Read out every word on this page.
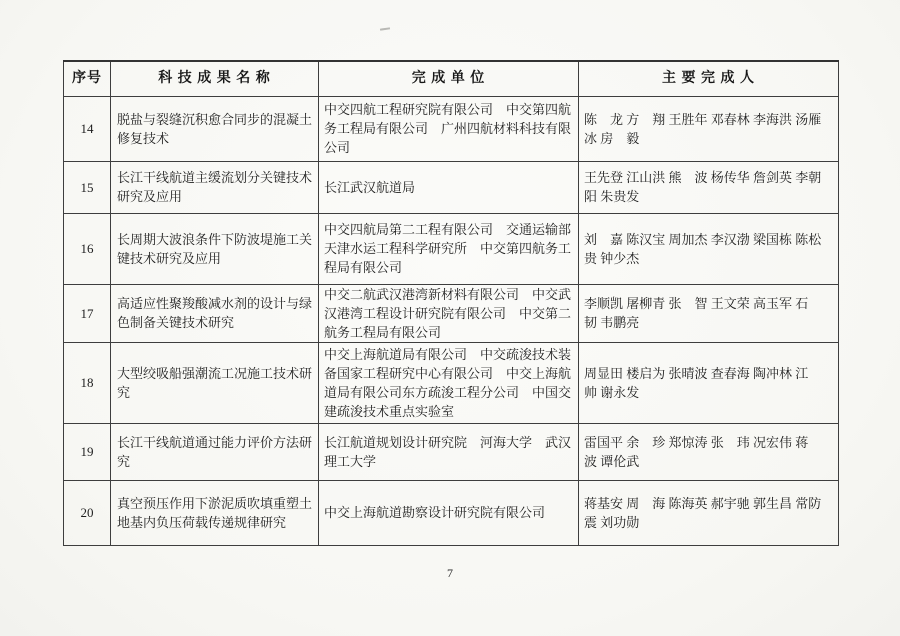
序号	科 技 成 果 名 称	完 成 单 位	主 要 完 成 人
14	脱盐与裂缝沉积愈合同步的混凝土修复技术	中交四航工程研究院有限公司　中交第四航务工程局有限公司　广州四航材料科技有限公司	陈　龙 方　翔 王胜年 邓春林 李海洪 汤雁冰 房　毅
15	长江干线航道主缓流划分关键技术研究及应用	长江武汉航道局	王先登 江山洪 熊　波 杨传华 詹剑英 李朝阳 朱贵发
16	长周期大波浪条件下防波堤施工关键技术研究及应用	中交四航局第二工程有限公司　交通运输部天津水运工程科学研究所　中交第四航务工程局有限公司	刘　嘉 陈汉宝 周加杰 李汉渤 梁国栋 陈松贵 钟少杰
17	高适应性聚羧酸减水剂的设计与绿色制备关键技术研究	中交二航武汉港湾新材料有限公司　中交武汉港湾工程设计研究院有限公司　中交第二航务工程局有限公司	李顺凯 屠柳青 张　智 王文荣 高玉军 石　韧 韦鹏亮
18	大型绞吸船强潮流工况施工技术研究	中交上海航道局有限公司　中交疏浚技术装备国家工程研究中心有限公司　中交上海航道局有限公司东方疏浚工程分公司　中国交建疏浚技术重点实验室	周显田 楼启为 张晴波 查春海 陶冲林 江　帅 谢永发
19	长江干线航道通过能力评价方法研究	长江航道规划设计研究院　河海大学　武汉理工大学	雷国平 余　珍 郑惊涛 张　玮 况宏伟 蒋　波 谭伦武
20	真空预压作用下淤泥质吹填重塑土地基内负压荷载传递规律研究	中交上海航道勘察设计研究院有限公司	蒋基安 周　海 陈海英 郝宇驰 郭生昌 常防震 刘功勋
7
